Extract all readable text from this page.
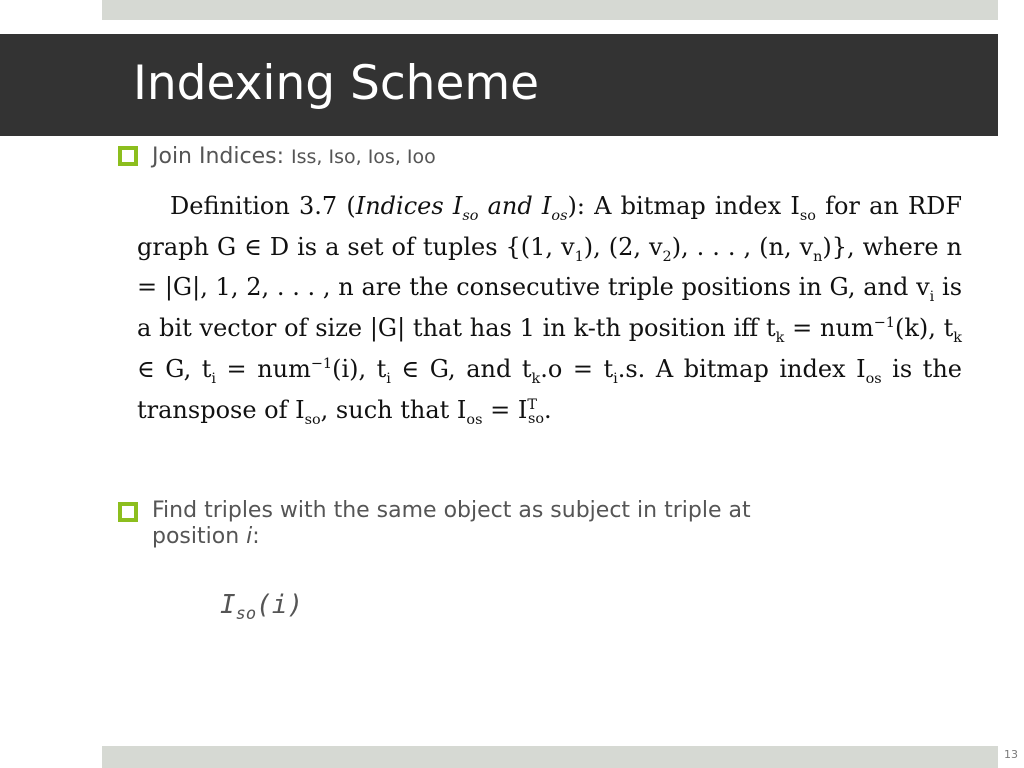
Indexing Scheme
Join Indices: Iss, Iso, Ios, Ioo
Definition 3.7 (Indices $I_{so}$ and $I_{os}$): A bitmap index $I_{so}$ for an RDF graph G ∈ D is a set of tuples {(1, $v_1$), (2, $v_2$), . . . , (n, $v_n$)}, where n = |G|, 1, 2, . . . , n are the consecutive triple positions in G, and $v_i$ is a bit vector of size |G| that has 1 in k-th position iff $t_k = num^{-1}(k)$, $t_k$ ∈ G, $t_i = num^{-1}(i)$, $t_i$ ∈ G, and $t_k.o = t_i.s$. A bitmap index $I_{os}$ is the transpose of $I_{so}$, such that $I_{os} = I^T_{so}$.
Find triples with the same object as subject in triple at
position i:
$I_{so}(i)$
13
